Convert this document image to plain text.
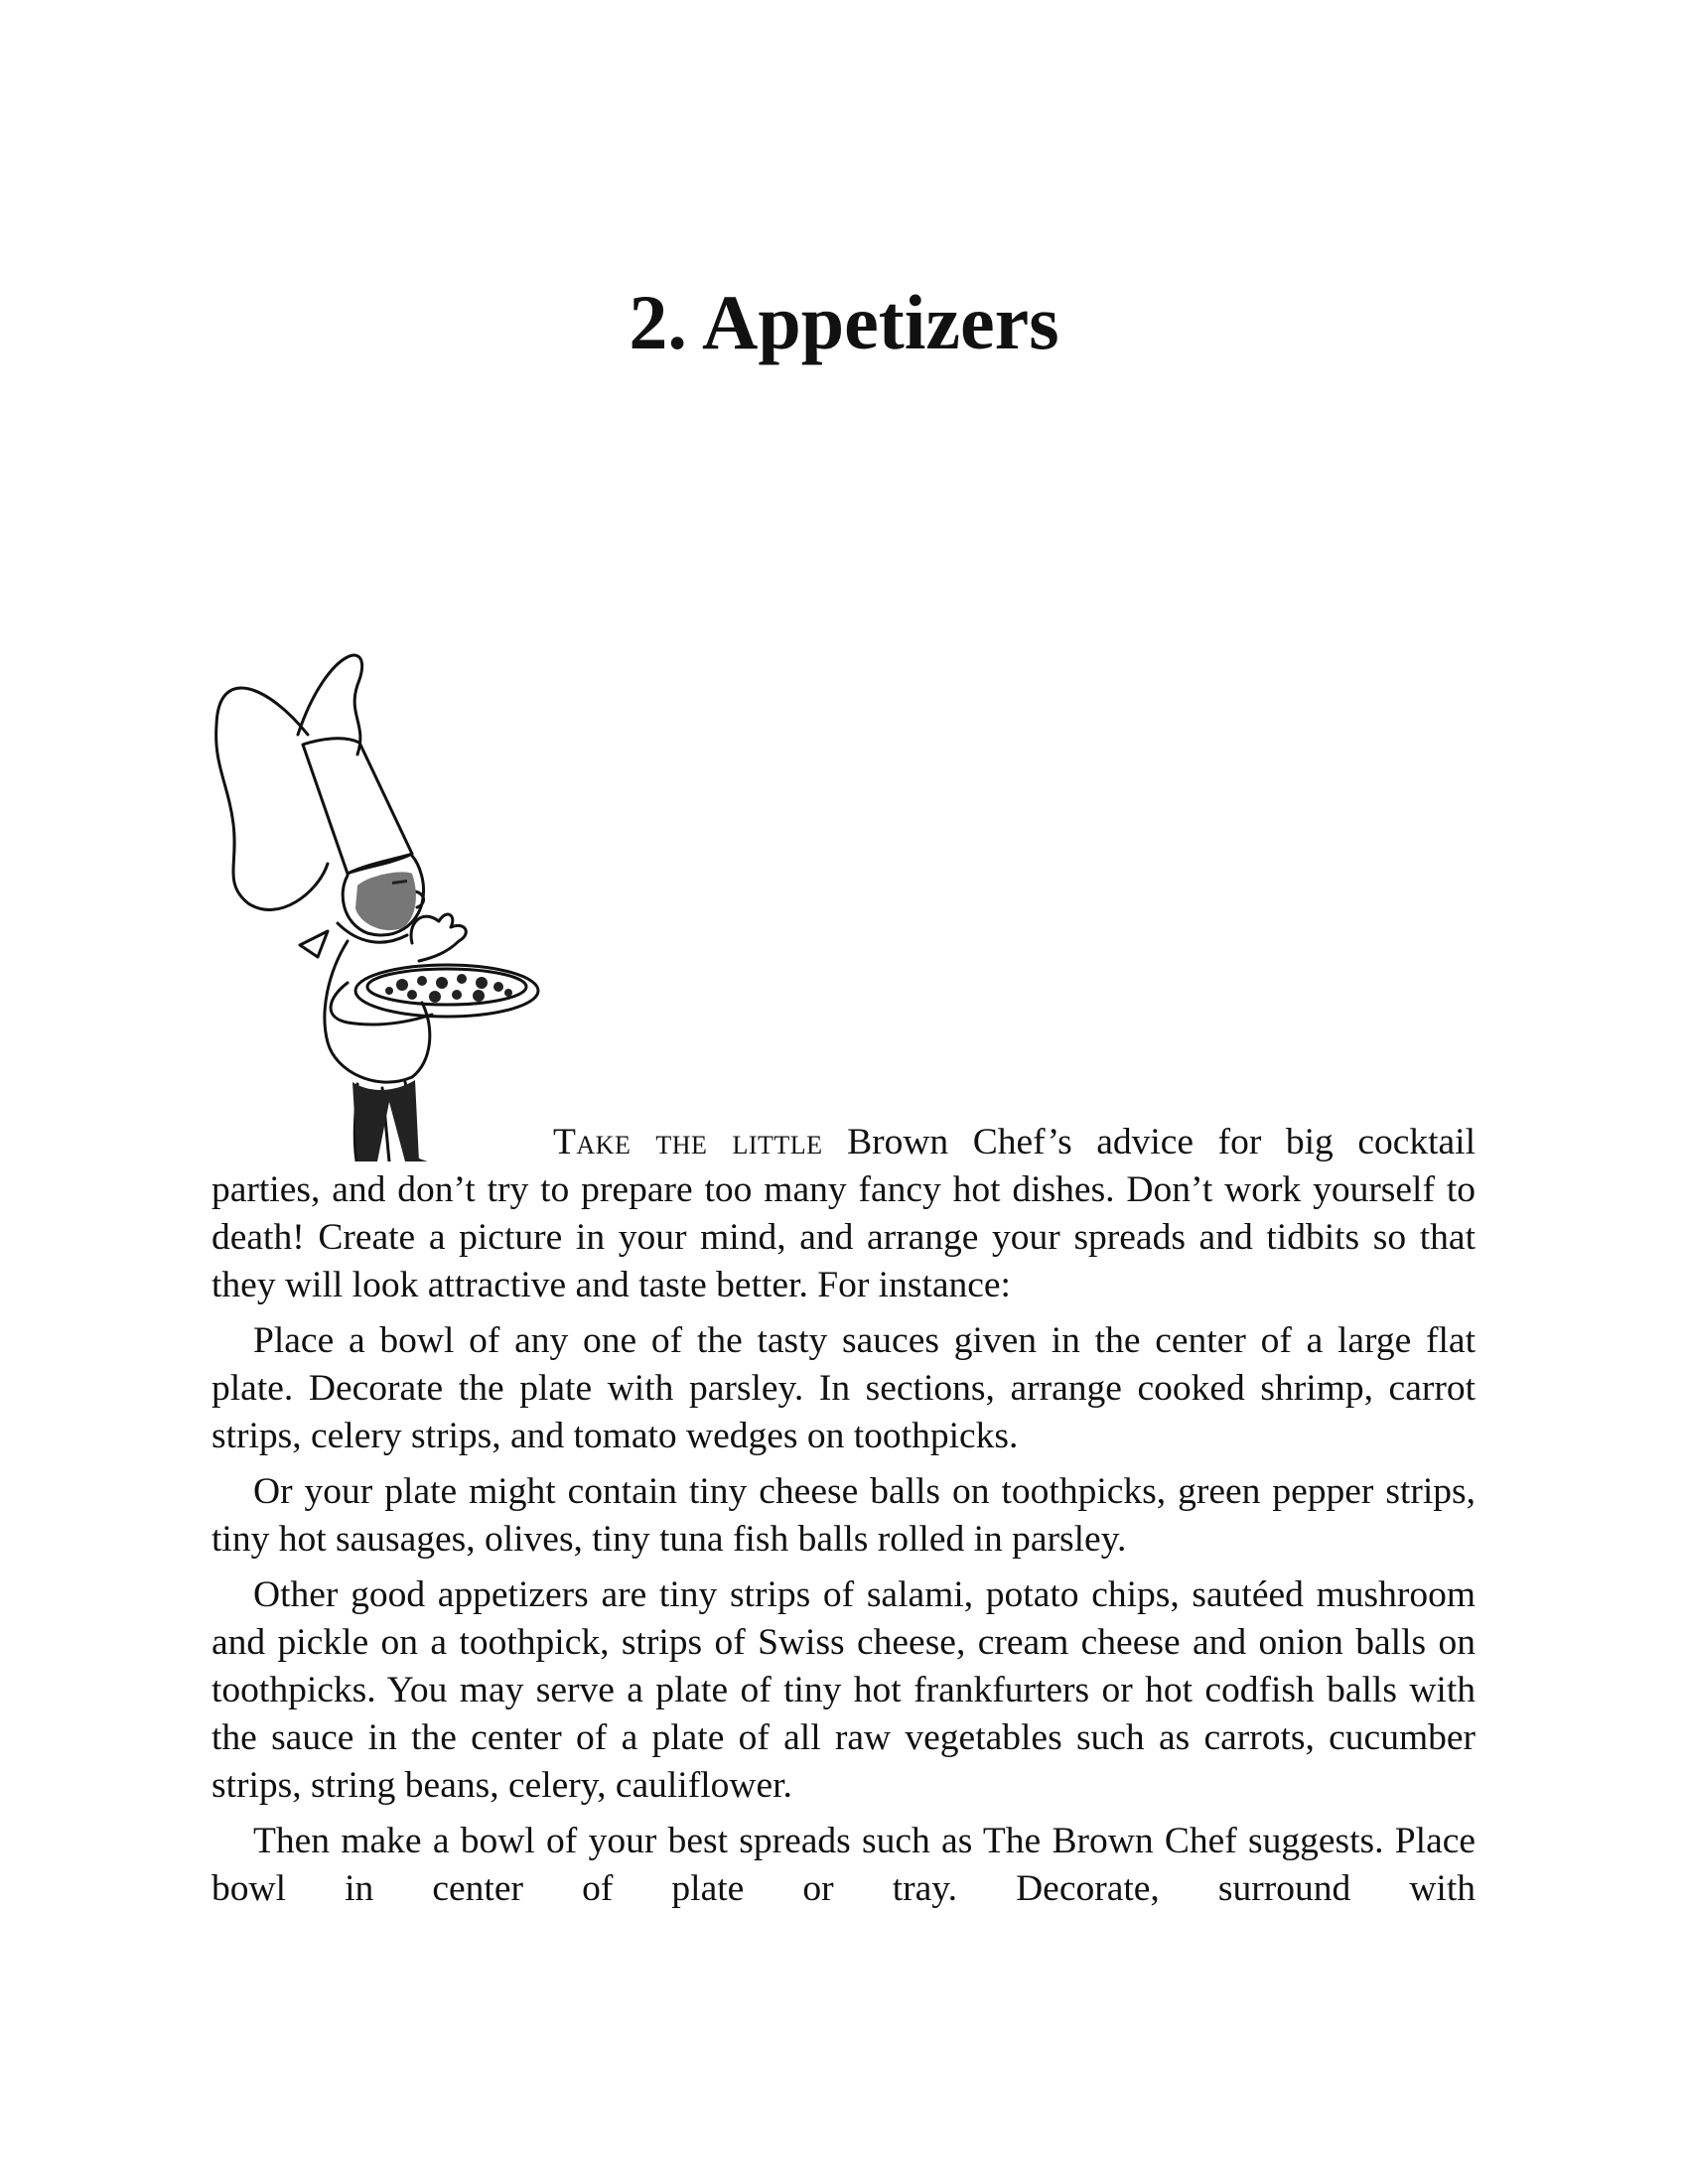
2. Appetizers

Take the little Brown Chef’s advice for big cocktail
parties, and don’t try to prepare too many fancy hot dishes. Don’t work yourself to death! Create a picture in your mind, and arrange your spreads and tidbits so that they will look attractive and taste better. For instance:

Place a bowl of any one of the tasty sauces given in the center of a large flat plate. Decorate the plate with parsley. In sections, arrange cooked shrimp, carrot strips, celery strips, and tomato wedges on toothpicks.

Or your plate might contain tiny cheese balls on toothpicks, green pepper strips, tiny hot sausages, olives, tiny tuna fish balls rolled in parsley.

Other good appetizers are tiny strips of salami, potato chips, sautéed mushroom and pickle on a toothpick, strips of Swiss cheese, cream cheese and onion balls on toothpicks. You may serve a plate of tiny hot frankfurters or hot codfish balls with the sauce in the center of a plate of all raw vegetables such as carrots, cucumber strips, string beans, celery, cauliflower.

Then make a bowl of your best spreads such as The Brown Chef suggests. Place bowl in center of plate or tray. Decorate, surround with
